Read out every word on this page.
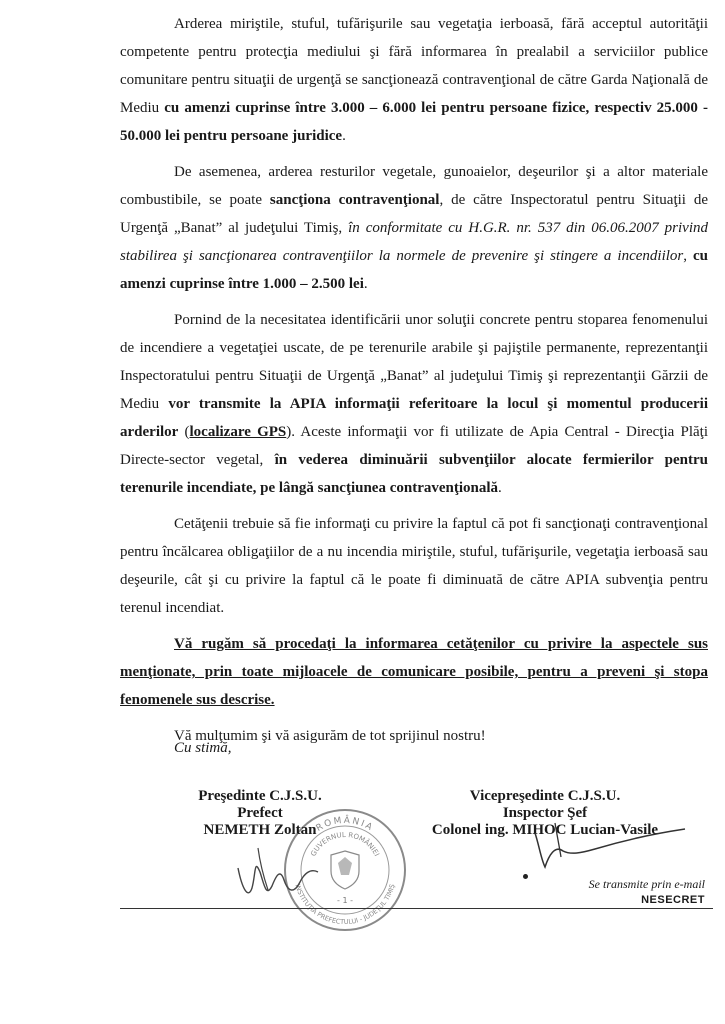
Arderea miriştile, stuful, tufărişurile sau vegetaţia ierboasă, fără acceptul autorităţii competente pentru protecţia mediului şi fără informarea în prealabil a serviciilor publice comunitare pentru situaţii de urgenţă se sancţionează contravenţional de către Garda Naţională de Mediu cu amenzi cuprinse între 3.000 – 6.000 lei pentru persoane fizice, respectiv 25.000 - 50.000 lei pentru persoane juridice.

De asemenea, arderea resturilor vegetale, gunoaielor, deşeurilor şi a altor materiale combustibile, se poate sancţiona contravenţional, de către Inspectoratul pentru Situaţii de Urgenţă „Banat” al judeţului Timiş, în conformitate cu H.G.R. nr. 537 din 06.06.2007 privind stabilirea şi sancţionarea contravenţiilor la normele de prevenire şi stingere a incendiilor, cu amenzi cuprinse între 1.000 – 2.500 lei.

Pornind de la necesitatea identificării unor soluţii concrete pentru stoparea fenomenului de incendiere a vegetaţiei uscate, de pe terenurile arabile şi pajiştile permanente, reprezentanţii Inspectoratului pentru Situaţii de Urgenţă „Banat” al judeţului Timiş şi reprezentanţii Gărzii de Mediu vor transmite la APIA informaţii referitoare la locul şi momentul producerii arderilor (localizare GPS). Aceste informaţii vor fi utilizate de Apia Central - Direcţia Plăţi Directe-sector vegetal, în vederea diminuării subvenţiilor alocate fermierilor pentru terenurile incendiate, pe lângă sancţiunea contravenţională.

Cetăţenii trebuie să fie informaţi cu privire la faptul că pot fi sancţionaţi contravenţional pentru încălcarea obligaţiilor de a nu incendia miriştile, stuful, tufărişurile, vegetaţia ierboasă sau deşeurile, cât şi cu privire la faptul că le poate fi diminuată de către APIA subvenţia pentru terenul incendiat.

Vă rugăm să procedaţi la informarea cetăţenilor cu privire la aspectele sus menţionate, prin toate mijloacele de comunicare posibile, pentru a preveni şi stopa fenomenele sus descrise.

Vă mulţumim şi vă asigurăm de tot sprijinul nostru!

Cu stimă,
ROMÂNIA
GUVERNUL ROMÂNIEI
INSTITUŢIA PREFECTULUI - JUDEŢUL TIMIŞ
- 1 -
Preşedinte C.J.S.U.
Prefect
NEMETH Zoltan
Vicepreşedinte C.J.S.U.
Inspector Şef
Colonel ing. MIHOC Lucian-Vasile
Se transmite prin e-mail
NESECRET
